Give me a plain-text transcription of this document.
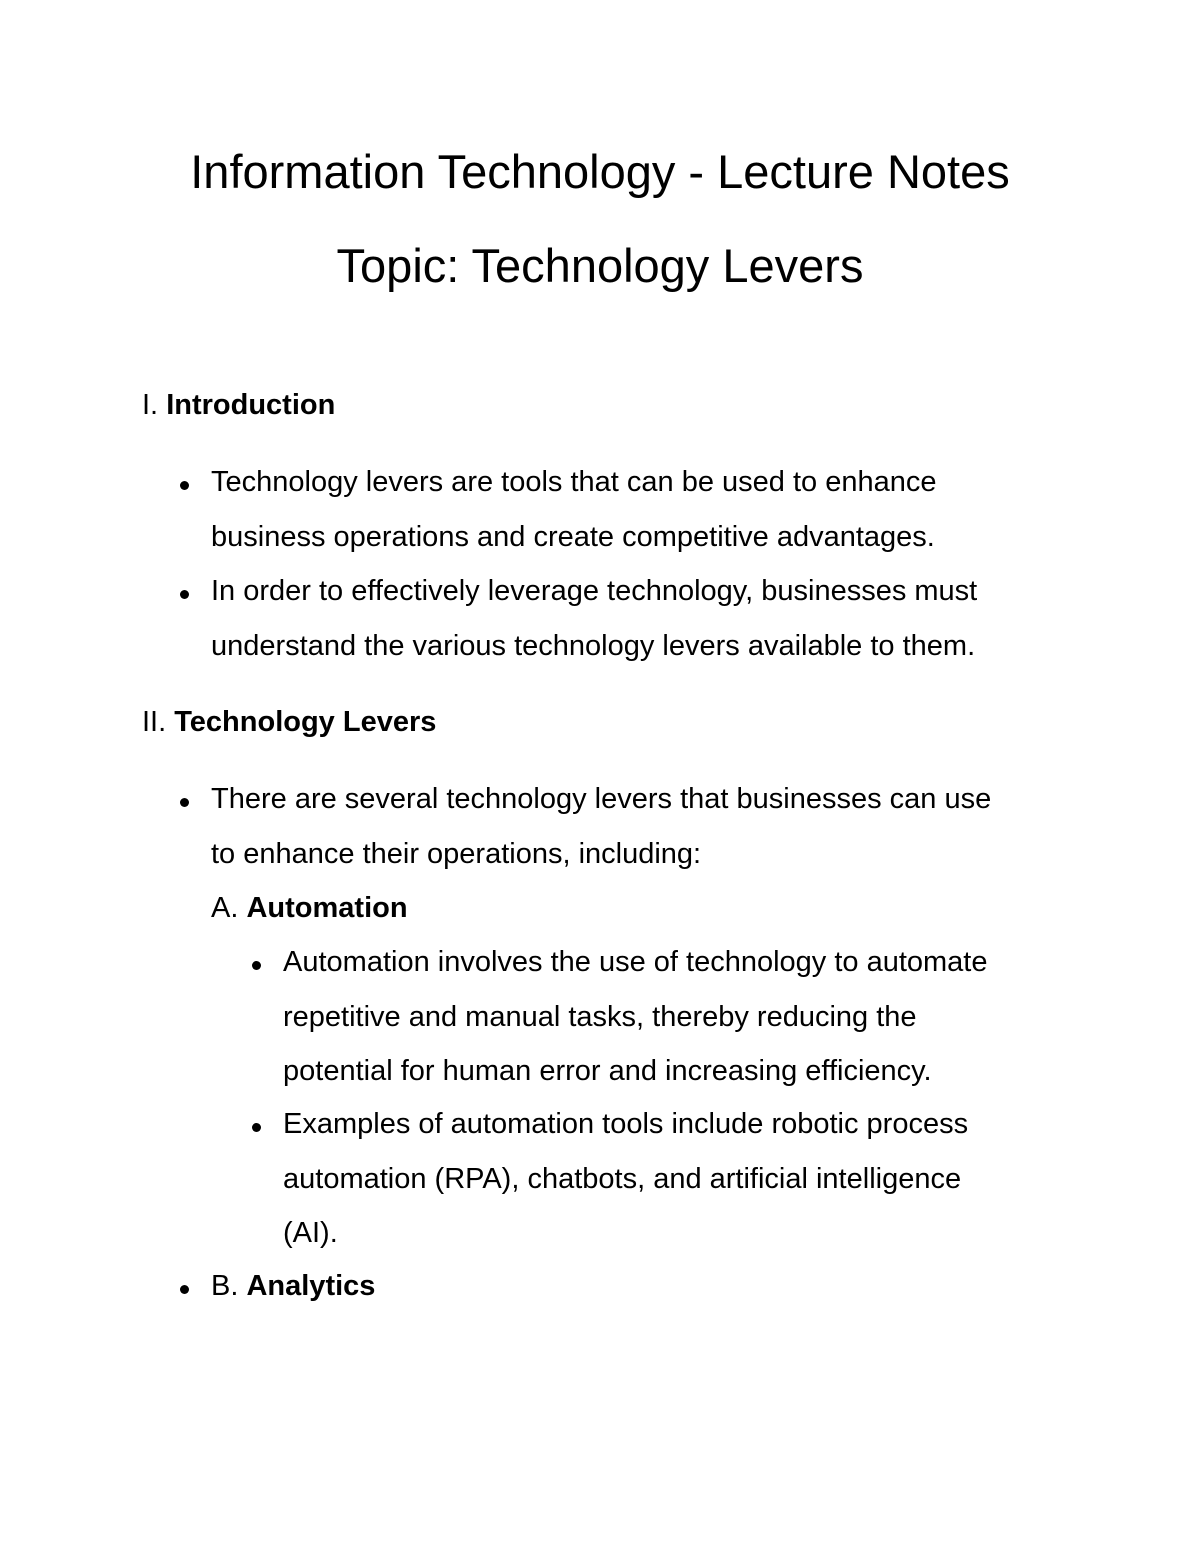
Information Technology - Lecture Notes
Topic: Technology Levers
I. Introduction
Technology levers are tools that can be used to enhance
business operations and create competitive advantages.
In order to effectively leverage technology, businesses must
understand the various technology levers available to them.
II. Technology Levers
There are several technology levers that businesses can use
to enhance their operations, including:
A. Automation
Automation involves the use of technology to automate
repetitive and manual tasks, thereby reducing the
potential for human error and increasing efficiency.
Examples of automation tools include robotic process
automation (RPA), chatbots, and artificial intelligence
(AI).
B. Analytics
